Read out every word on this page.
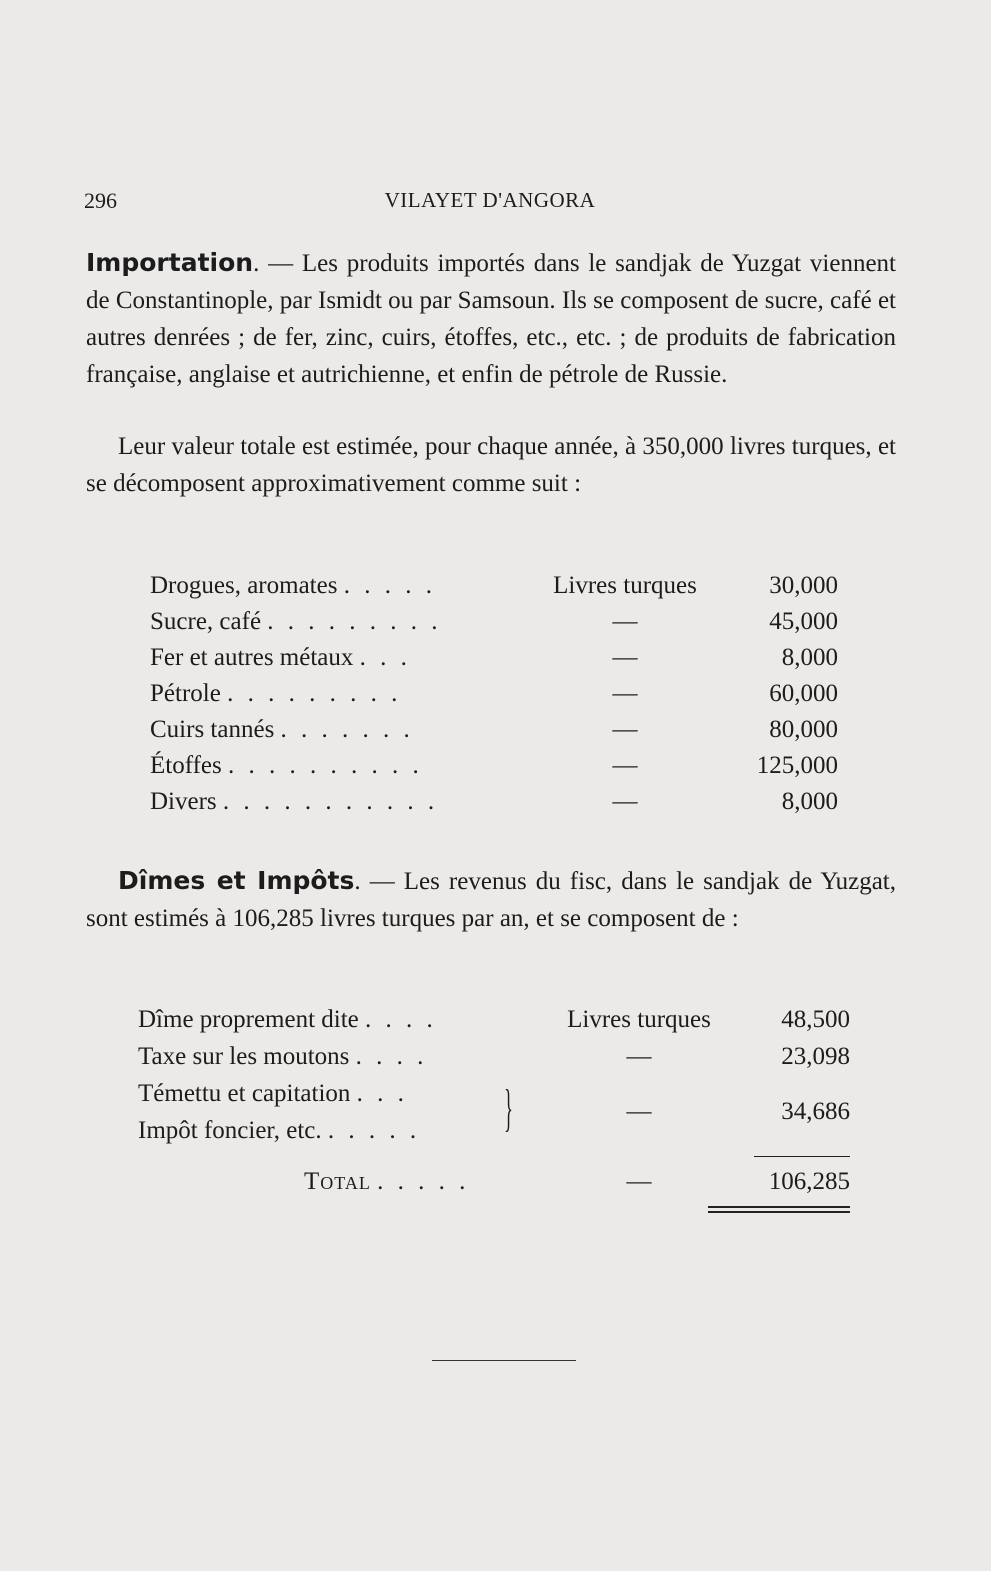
296	VILAYET D'ANGORA

Importation. — Les produits importés dans le sandjak de Yuzgat viennent de Constantinople, par Ismidt ou par Samsoun. Ils se composent de sucre, café et autres denrées ; de fer, zinc, cuirs, étoffes, etc., etc. ; de produits de fabrication française, anglaise et autrichienne, et enfin de pétrole de Russie.

Leur valeur totale est estimée, pour chaque année, à 350,000 livres turques, et se décomposent approximativement comme suit :

Drogues, aromates . . . . .	Livres turques	30,000
Sucre, café . . . . . . . . .	—	45,000
Fer et autres métaux . . .	—	8,000
Pétrole . . . . . . . . .	—	60,000
Cuirs tannés . . . . . . .	—	80,000
Étoffes . . . . . . . . . .	—	125,000
Divers . . . . . . . . . . .	—	8,000

Dîmes et Impôts. — Les revenus du fisc, dans le sandjak de Yuzgat, sont estimés à 106,285 livres turques par an, et se composent de :

Dîme proprement dite . . . .	Livres turques	48,500
Taxe sur les moutons . . . .	—	23,098
Témettu et capitation . . .
Impôt foncier, etc. . . . . . }	—	34,686
Total . . . . .	—	106,285
